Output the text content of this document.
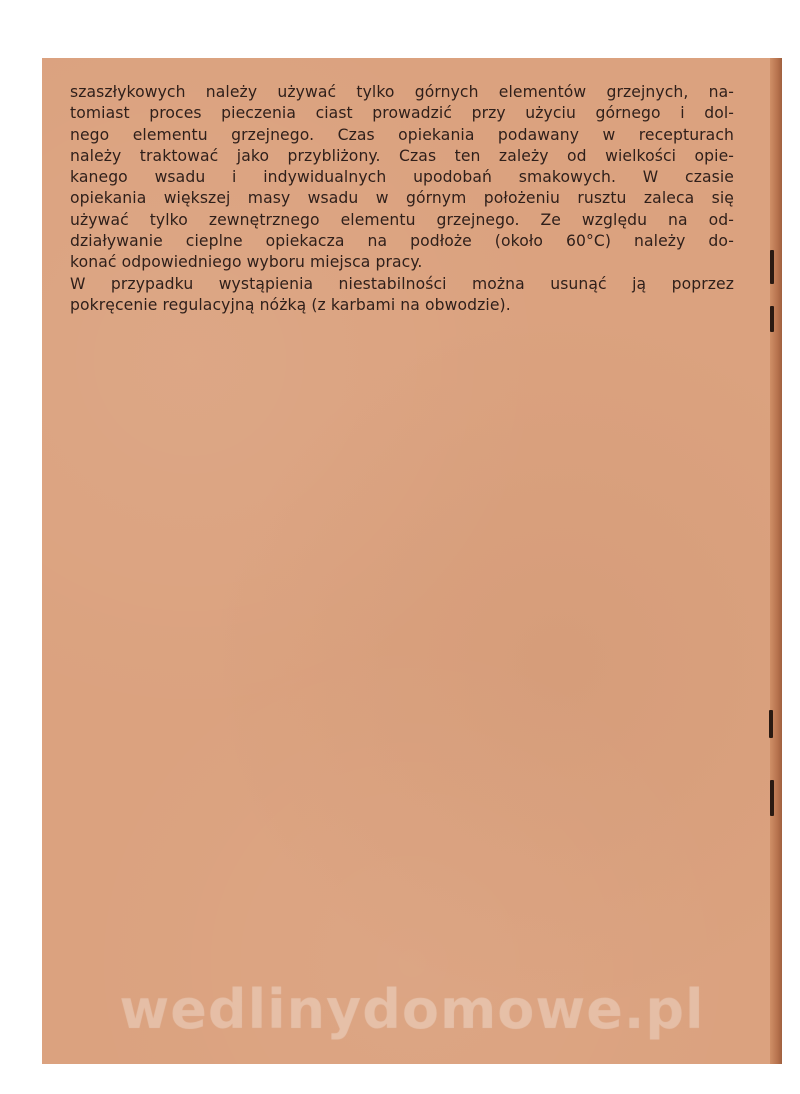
szaszłykowych należy używać tylko górnych elementów grzejnych, na-
tomiast proces pieczenia ciast prowadzić przy użyciu górnego i dol-
nego elementu grzejnego. Czas opiekania podawany w recepturach
należy traktować jako przybliżony. Czas ten zależy od wielkości opie-
kanego wsadu i indywidualnych upodobań smakowych. W czasie
opiekania większej masy wsadu w górnym położeniu rusztu zaleca się
używać tylko zewnętrznego elementu grzejnego. Ze względu na od-
działywanie cieplne opiekacza na podłoże (około 60°C) należy do-
konać odpowiedniego wyboru miejsca pracy.
W przypadku wystąpienia niestabilności można usunąć ją poprzez
pokręcenie regulacyjną nóżką (z karbami na obwodzie).
wedlinydomowe.pl
